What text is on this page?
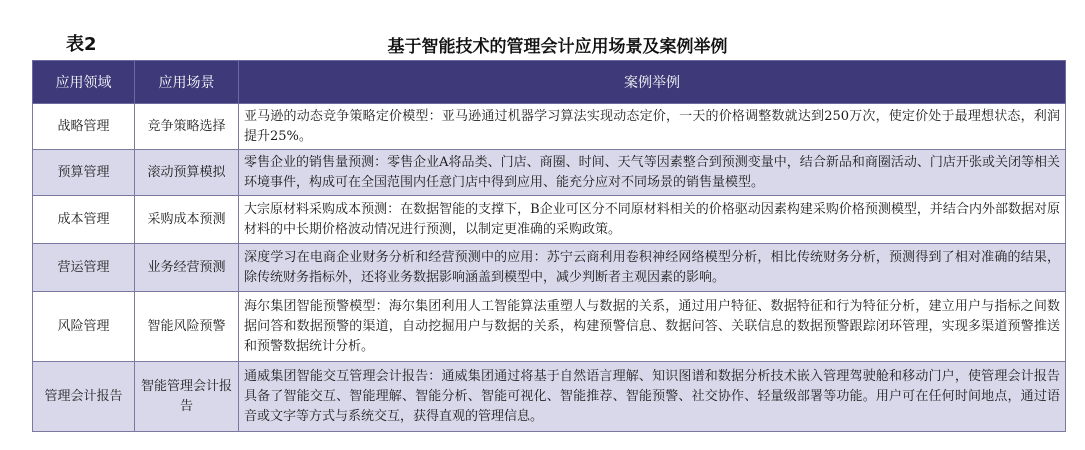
表2	基于智能技术的管理会计应用场景及案例举例
应用领域	应用场景	案例举例
战略管理	竞争策略选择	亚马逊的动态竞争策略定价模型：亚马逊通过机器学习算法实现动态定价，一天的价格调整数就达到250万次，使定价处于最理想状态，利润提升25%。
预算管理	滚动预算模拟	零售企业的销售量预测：零售企业A将品类、门店、商圈、时间、天气等因素整合到预测变量中，结合新品和商圈活动、门店开张或关闭等相关环境事件，构成可在全国范围内任意门店中得到应用、能充分应对不同场景的销售量模型。
成本管理	采购成本预测	大宗原材料采购成本预测：在数据智能的支撑下，B企业可区分不同原材料相关的价格驱动因素构建采购价格预测模型，并结合内外部数据对原材料的中长期价格波动情况进行预测，以制定更准确的采购政策。
营运管理	业务经营预测	深度学习在电商企业财务分析和经营预测中的应用：苏宁云商利用卷积神经网络模型分析，相比传统财务分析，预测得到了相对准确的结果，除传统财务指标外，还将业务数据影响涵盖到模型中，减少判断者主观因素的影响。
风险管理	智能风险预警	海尔集团智能预警模型：海尔集团利用人工智能算法重塑人与数据的关系，通过用户特征、数据特征和行为特征分析，建立用户与指标之间数据问答和数据预警的渠道，自动挖掘用户与数据的关系，构建预警信息、数据问答、关联信息的数据预警跟踪闭环管理，实现多渠道预警推送和预警数据统计分析。
管理会计报告	智能管理会计报告	通威集团智能交互管理会计报告：通威集团通过将基于自然语言理解、知识图谱和数据分析技术嵌入管理驾驶舱和移动门户，使管理会计报告具备了智能交互、智能理解、智能分析、智能可视化、智能推荐、智能预警、社交协作、轻量级部署等功能。用户可在任何时间地点，通过语音或文字等方式与系统交互，获得直观的管理信息。
